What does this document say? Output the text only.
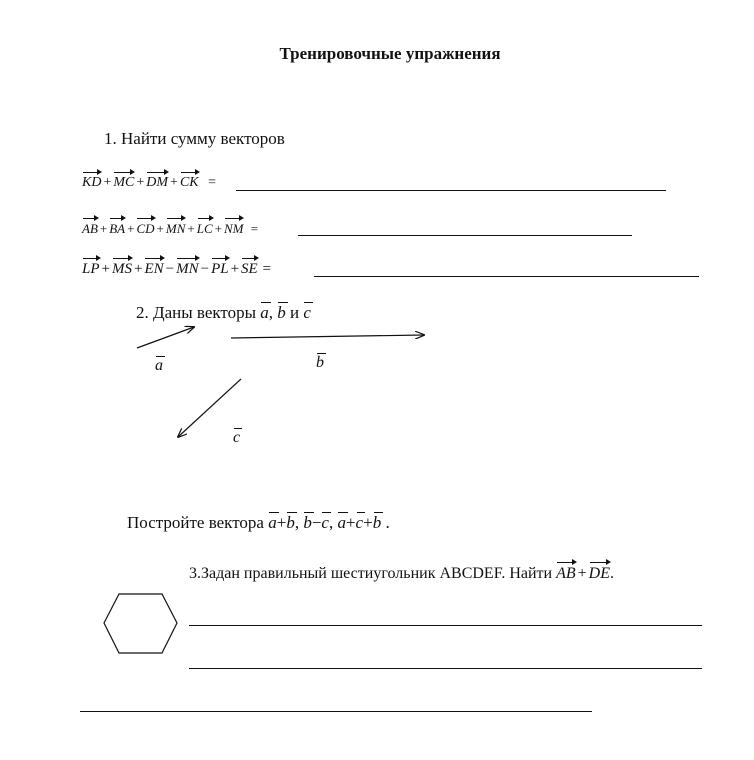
Тренировочные упражнения
1. Найти сумму векторов
KD + MC + DM + CK =
AB + BA + CD + MN + LC + NM =
LP + MS + EN − MN − PL + SE =
2. Даны векторы a, b и c
a	b
c
Постройте вектора a+b, b−c, a+c+b .
3.Задан правильный шестиугольник ABCDEF. Найти AB + DE.
